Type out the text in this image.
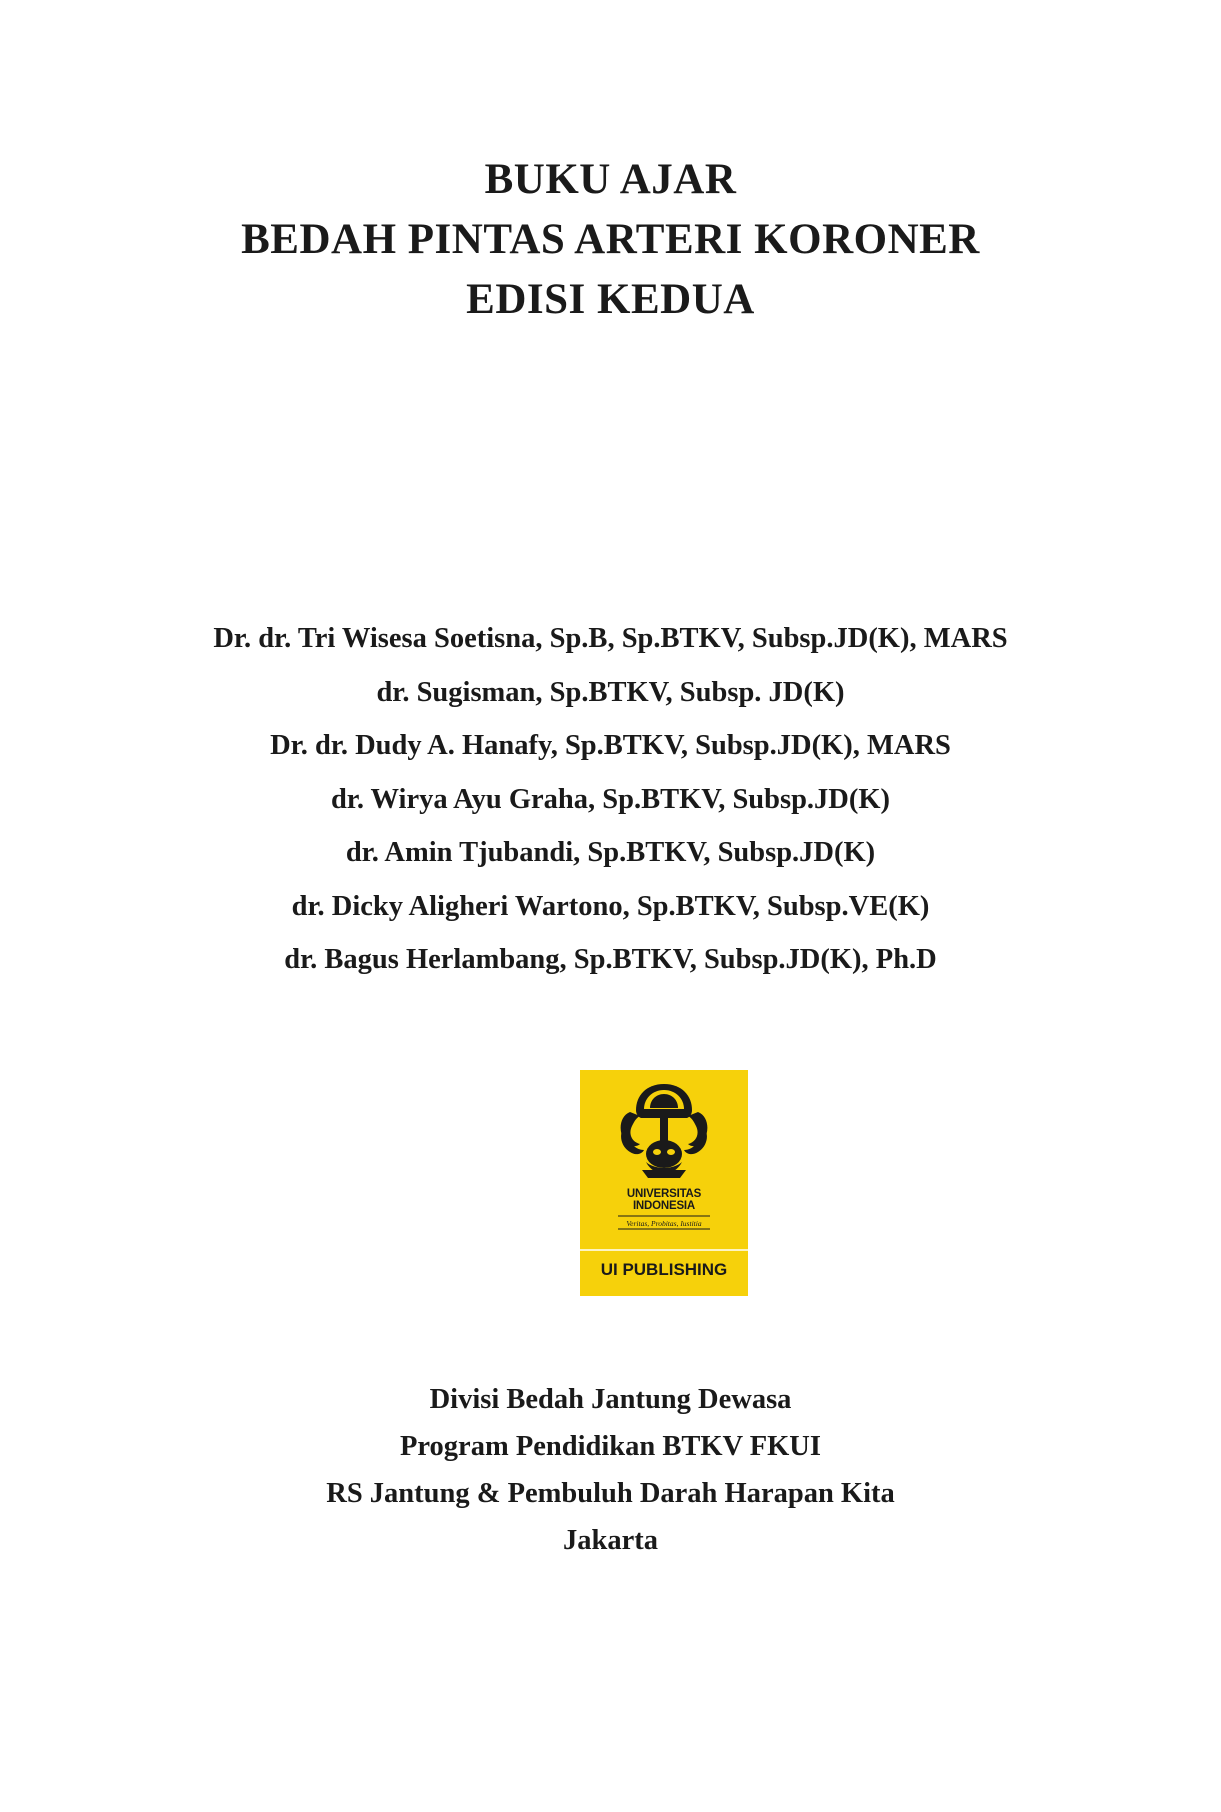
BUKU AJAR
BEDAH PINTAS ARTERI KORONER
EDISI KEDUA
Dr. dr. Tri Wisesa Soetisna, Sp.B, Sp.BTKV, Subsp.JD(K), MARS
dr. Sugisman, Sp.BTKV, Subsp. JD(K)
Dr. dr. Dudy A. Hanafy, Sp.BTKV, Subsp.JD(K), MARS
dr. Wirya Ayu Graha, Sp.BTKV, Subsp.JD(K)
dr. Amin Tjubandi, Sp.BTKV, Subsp.JD(K)
dr. Dicky Aligheri Wartono, Sp.BTKV, Subsp.VE(K)
dr. Bagus Herlambang, Sp.BTKV, Subsp.JD(K), Ph.D
UNIVERSITAS
INDONESIA
Veritas, Probitas, Iustitia
UI PUBLISHING
Divisi Bedah Jantung Dewasa
Program Pendidikan BTKV FKUI
RS Jantung & Pembuluh Darah Harapan Kita
Jakarta
